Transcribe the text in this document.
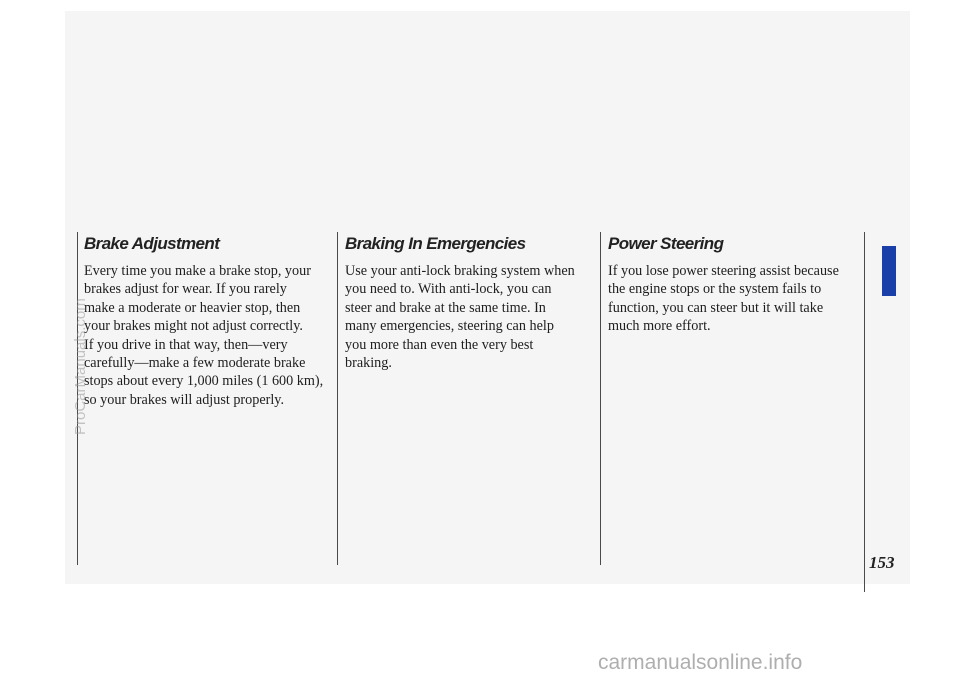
Brake Adjustment

Every time you make a brake stop, your
brakes adjust for wear. If you rarely
make a moderate or heavier stop, then
your brakes might not adjust correctly.
If you drive in that way, then—very
carefully—make a few moderate brake
stops about every 1,000 miles (1 600 km),
so your brakes will adjust properly.

Braking In Emergencies

Use your anti-lock braking system when
you need to. With anti-lock, you can
steer and brake at the same time. In
many emergencies, steering can help
you more than even the very best
braking.

Power Steering

If you lose power steering assist because
the engine stops or the system fails to
function, you can steer but it will take
much more effort.

153
ProCarManuals.com
carmanualsonline.info
